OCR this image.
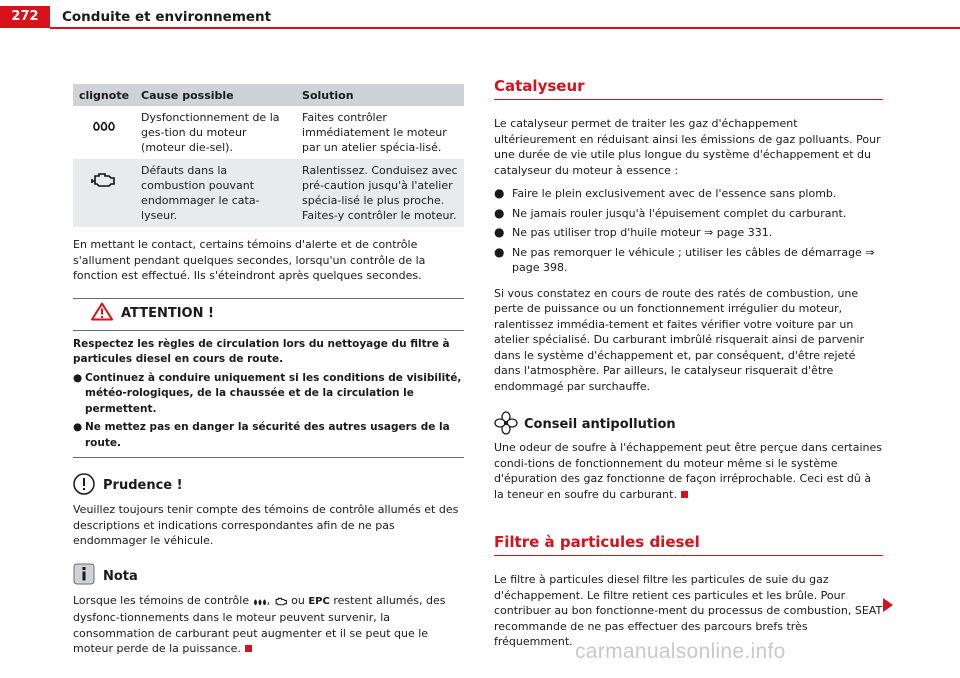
272	Conduite et environnement
clignote	Cause possible	Solution
	Dysfonctionnement de la ges-tion du moteur (moteur die-sel).	Faites contrôler immédiatement le moteur par un atelier spécia-lisé.
	Défauts dans la combustion pouvant endommager le cata-lyseur.	Ralentissez. Conduisez avec pré-caution jusqu'à l'atelier spécia-lisé le plus proche. Faites-y contrôler le moteur.

En mettant le contact, certains témoins d'alerte et de contrôle s'allument pendant quelques secondes, lorsqu'un contrôle de la fonction est effectué. Ils s'éteindront après quelques secondes.

ATTENTION !
Respectez les règles de circulation lors du nettoyage du filtre à particules diesel en cours de route.
● Continuez à conduire uniquement si les conditions de visibilité, météo-rologiques, de la chaussée et de la circulation le permettent.
● Ne mettez pas en danger la sécurité des autres usagers de la route.
Prudence !

Veuillez toujours tenir compte des témoins de contrôle allumés et des descriptions et indications correspondantes afin de ne pas endommager le véhicule.

Nota

Lorsque les témoins de contrôle , ou EPC restent allumés, des dysfonc-tionnements dans le moteur peuvent survenir, la consommation de carburant peut augmenter et il se peut que le moteur perde de la puissance.

Catalyseur

Le catalyseur permet de traiter les gaz d'échappement ultérieurement en réduisant ainsi les émissions de gaz polluants. Pour une durée de vie utile plus longue du système d'échappement et du catalyseur du moteur à essence :

● Faire le plein exclusivement avec de l'essence sans plomb.
● Ne jamais rouler jusqu'à l'épuisement complet du carburant.
● Ne pas utiliser trop d'huile moteur ⇒ page 331.
● Ne pas remorquer le véhicule ; utiliser les câbles de démarrage ⇒ page 398.

Si vous constatez en cours de route des ratés de combustion, une perte de puissance ou un fonctionnement irrégulier du moteur, ralentissez immédia-tement et faites vérifier votre voiture par un atelier spécialisé. Du carburant imbrûlé risquerait ainsi de parvenir dans le système d'échappement et, par conséquent, d'être rejeté dans l'atmosphère. Par ailleurs, le catalyseur risquerait d'être endommagé par surchauffe.

Conseil antipollution

Une odeur de soufre à l'échappement peut être perçue dans certaines condi-tions de fonctionnement du moteur même si le système d'épuration des gaz fonctionne de façon irréprochable. Ceci est dû à la teneur en soufre du carburant.

Filtre à particules diesel

Le filtre à particules diesel filtre les particules de suie du gaz d'échappement. Le filtre retient ces particules et les brûle. Pour contribuer au bon fonctionne-ment du processus de combustion, SEAT recommande de ne pas effectuer des parcours brefs très fréquemment. carmanualsonline.info
